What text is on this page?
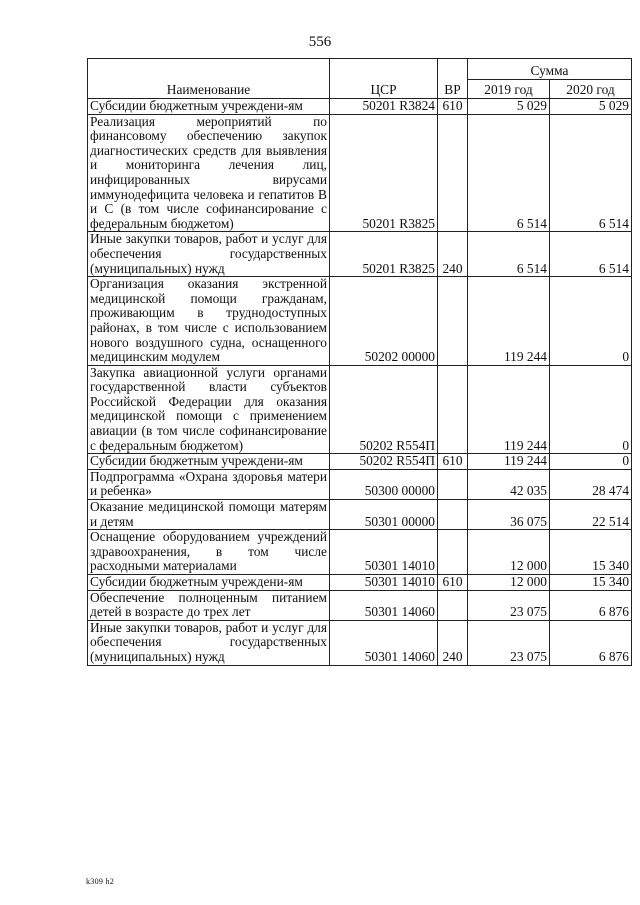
556
Наименование	ЦСР	ВР	Сумма	
			2019 год	2020 год
Субсидии бюджетным учреждени-ям	50201 R3824	610	5 029	5 029
Реализация мероприятий по финансовому обеспечению закупок диагностических средств для выявления и мониторинга лечения лиц, инфицированных вирусами иммунодефицита человека и гепатитов В и С (в том числе софинансирование с федеральным бюджетом)	50201 R3825		6 514	6 514
Иные закупки товаров, работ и услуг для обеспечения государственных (муниципальных) нужд	50201 R3825	240	6 514	6 514
Организация оказания экстренной медицинской помощи гражданам, проживающим в труднодоступных районах, в том числе с использованием нового воздушного судна, оснащенного медицинским модулем	50202 00000		119 244	0
Закупка авиационной услуги органами государственной власти субъектов Российской Федерации для оказания медицинской помощи с применением авиации (в том числе софинансирование с федеральным бюджетом)	50202 R554П		119 244	0
Субсидии бюджетным учреждени-ям	50202 R554П	610	119 244	0
Подпрограмма «Охрана здоровья матери и ребенка»	50300 00000		42 035	28 474
Оказание медицинской помощи матерям и детям	50301 00000		36 075	22 514
Оснащение оборудованием учреждений здравоохранения, в том числе расходными материалами	50301 14010		12 000	15 340
Субсидии бюджетным учреждени-ям	50301 14010	610	12 000	15 340
Обеспечение полноценным питанием детей в возрасте до трех лет	50301 14060		23 075	6 876
Иные закупки товаров, работ и услуг для обеспечения государственных (муниципальных) нужд	50301 14060	240	23 075	6 876
k309 h2
